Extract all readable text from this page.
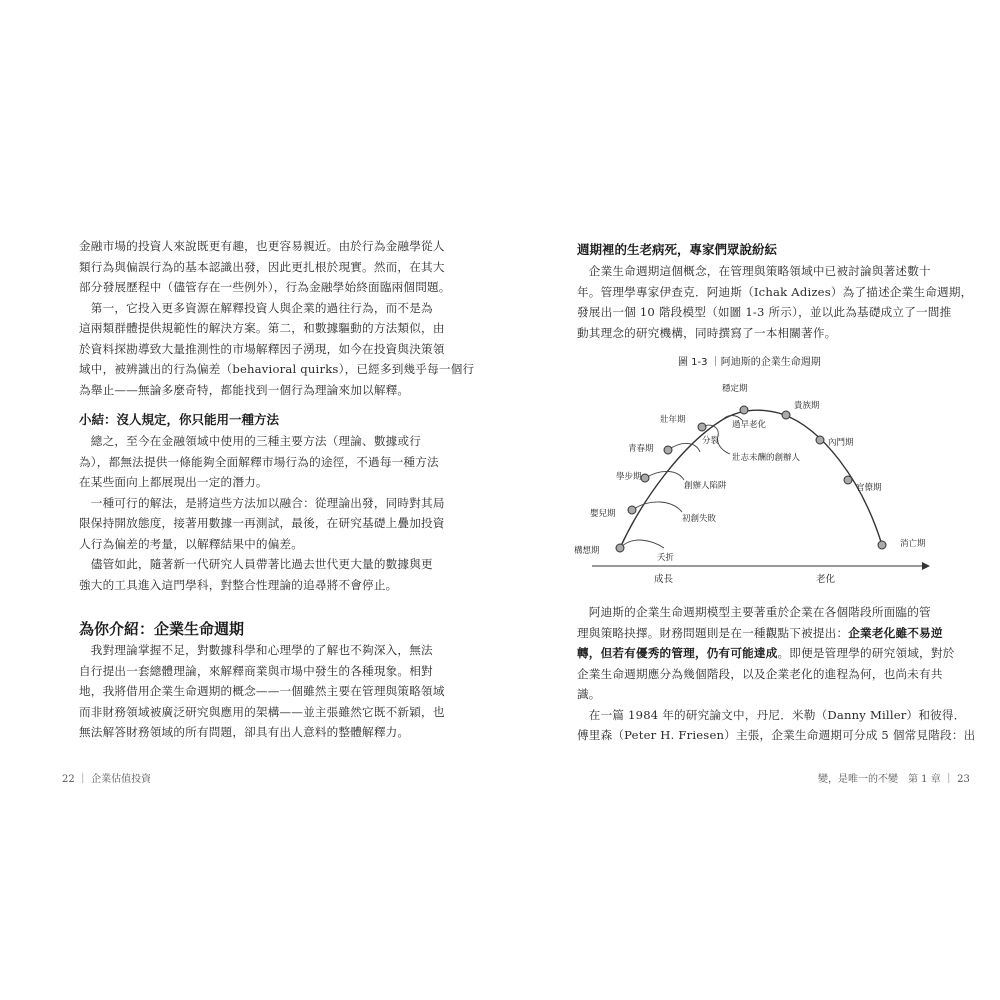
金融市場的投資人來說既更有趣，也更容易親近。由於行為金融學從人
類行為與偏誤行為的基本認識出發，因此更扎根於現實。然而，在其大
部分發展歷程中（儘管存在一些例外），行為金融學始終面臨兩個問題。
　第一，它投入更多資源在解釋投資人與企業的過往行為，而不是為
這兩類群體提供規範性的解決方案。第二，和數據驅動的方法類似，由
於資料探勘導致大量推測性的市場解釋因子湧現，如今在投資與決策領
域中，被辨識出的行為偏差（behavioral quirks），已經多到幾乎每一個行
為舉止——無論多麼奇特，都能找到一個行為理論來加以解釋。
小結：沒人規定，你只能用一種方法
　總之，至今在金融領域中使用的三種主要方法（理論、數據或行
為），都無法提供一條能夠全面解釋市場行為的途徑，不過每一種方法
在某些面向上都展現出一定的潛力。
　一種可行的解法，是將這些方法加以融合：從理論出發，同時對其局
限保持開放態度，接著用數據一再測試，最後，在研究基礎上疊加投資
人行為偏差的考量，以解釋結果中的偏差。
　儘管如此，隨著新一代研究人員帶著比過去世代更大量的數據與更
強大的工具進入這門學科，對整合性理論的追尋將不會停止。
為你介紹：企業生命週期
　我對理論掌握不足，對數據科學和心理學的了解也不夠深入，無法
自行提出一套總體理論，來解釋商業與市場中發生的各種現象。相對
地，我將借用企業生命週期的概念——一個雖然主要在管理與策略領域
而非財務領域被廣泛研究與應用的架構——並主張雖然它既不新穎，也
無法解答財務領域的所有問題，卻具有出人意料的整體解釋力。
22 ｜ 企業估值投資
週期裡的生老病死，專家們眾說紛紜
　企業生命週期這個概念，在管理與策略領域中已被討論與著述數十
年。管理學專家伊查克．阿迪斯（Ichak Adizes）為了描述企業生命週期，
發展出一個 10 階段模型（如圖 1-3 所示），並以此為基礎成立了一間推
動其理念的研究機構，同時撰寫了一本相關著作。
圖 1-3 ｜阿迪斯的企業生命週期
構想期
嬰兒期
學步期
青春期
壯年期
穩定期
貴族期
內鬥期
官僚期
消亡期
夭折
初創失敗
創辦人陷阱
分裂
過早老化
壯志未酬的創辦人
成長	老化
　阿迪斯的企業生命週期模型主要著重於企業在各個階段所面臨的管
理與策略抉擇。財務問題則是在一種觀點下被提出：企業老化雖不易逆
轉，但若有優秀的管理，仍有可能達成。即便是管理學的研究領域，對於
企業生命週期應分為幾個階段，以及企業老化的進程為何，也尚未有共
識。
　在一篇 1984 年的研究論文中，丹尼．米勒（Danny Miller）和彼得．
傅里森（Peter H. Friesen）主張，企業生命週期可分成 5 個常見階段：出
變，是唯一的不變　第 1 章 ｜ 23
